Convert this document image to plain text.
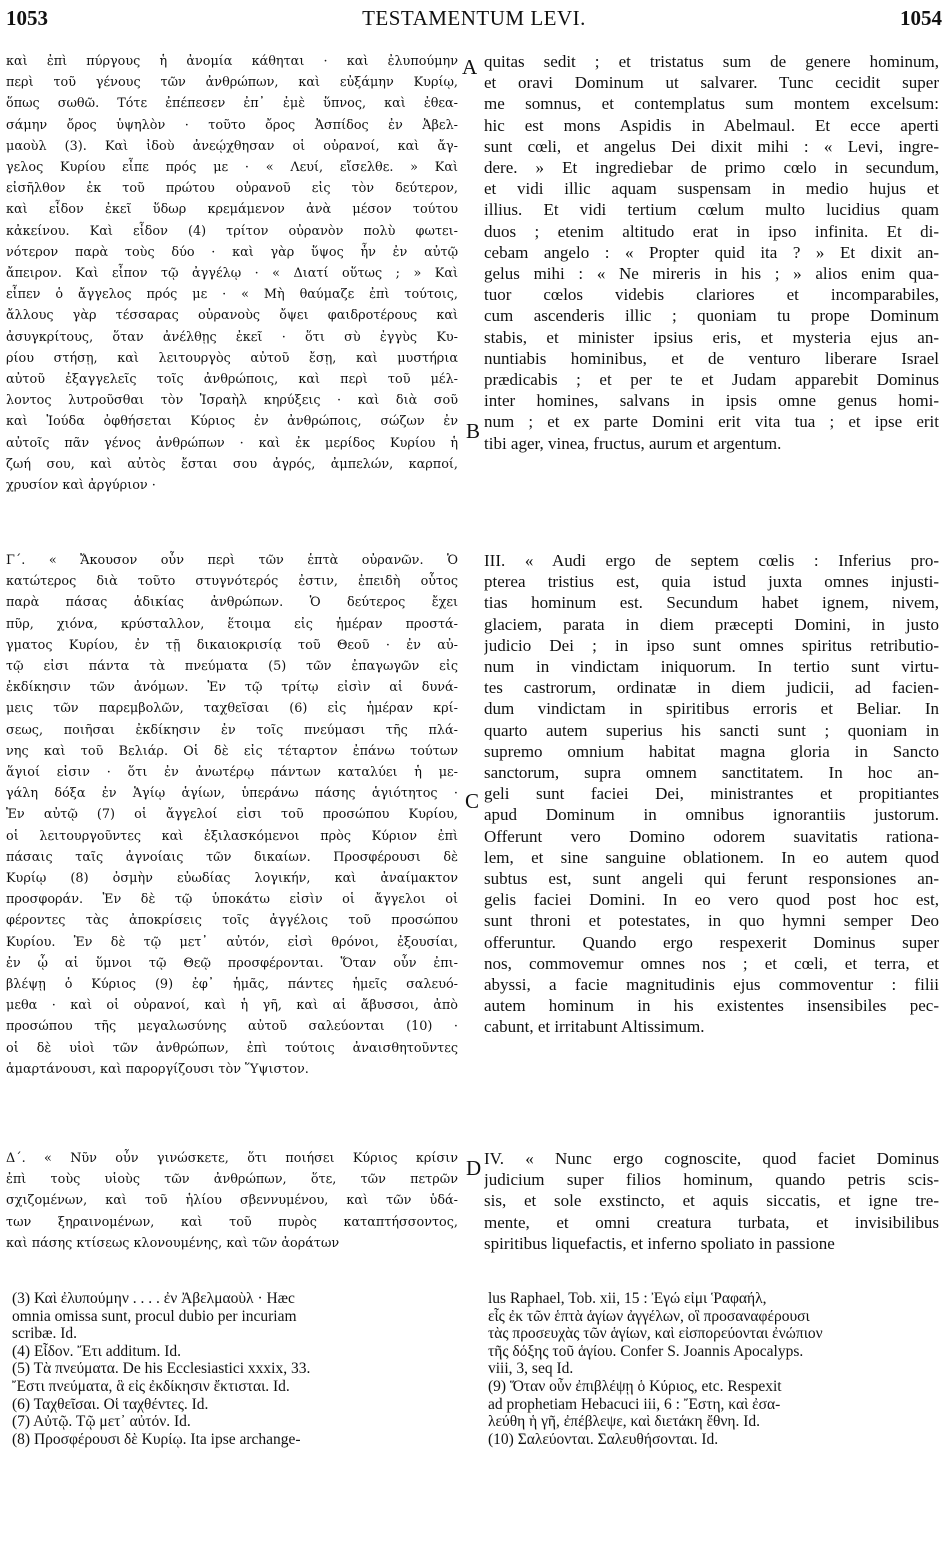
1053	TESTAMENTUM LEVI.	1054
καὶ ἐπὶ πύργους ἡ ἀνομία κάθηται · καὶ ἐλυπούμην
περὶ τοῦ γένους τῶν ἀνθρώπων, καὶ εὐξάμην Κυρίῳ,
ὅπως σωθῶ. Τότε ἐπέπεσεν ἐπ᾽ ἐμὲ ὕπνος, καὶ ἐθεα-
σάμην ὄρος ὑψηλὸν · τοῦτο ὄρος Ἀσπίδος ἐν Ἀβελ-
μαοὺλ (3). Καὶ ἰδοὺ ἀνεῴχθησαν οἱ οὐρανοί, καὶ ἄγ-
γελος Κυρίου εἶπε πρός με · « Λευί, εἴσελθε. » Καὶ
εἰσῆλθον ἐκ τοῦ πρώτου οὐρανοῦ εἰς τὸν δεύτερον,
καὶ εἶδον ἐκεῖ ὕδωρ κρεμάμενον ἀνὰ μέσον τούτου
κἀκείνου. Καὶ εἶδον (4) τρίτον οὐρανὸν πολὺ φωτει-
νότερον παρὰ τοὺς δύο · καὶ γὰρ ὕψος ἦν ἐν αὐτῷ
ἄπειρον. Καὶ εἶπον τῷ ἀγγέλῳ · « Διατί οὕτως ; » Καὶ
εἶπεν ὁ ἄγγελος πρός με · « Μὴ θαύμαζε ἐπὶ τούτοις,
ἄλλους γὰρ τέσσαρας οὐρανοὺς ὄψει φαιδροτέρους καὶ
ἀσυγκρίτους, ὅταν ἀνέλθῃς ἐκεῖ · ὅτι σὺ ἐγγὺς Κυ-
ρίου στήσῃ, καὶ λειτουργὸς αὐτοῦ ἔσῃ, καὶ μυστήρια
αὐτοῦ ἐξαγγελεῖς τοῖς ἀνθρώποις, καὶ περὶ τοῦ μέλ-
λοντος λυτροῦσθαι τὸν Ἰσραὴλ κηρύξεις · καὶ διὰ σοῦ
καὶ Ἰούδα ὀφθήσεται Κύριος ἐν ἀνθρώποις, σώζων ἐν
αὐτοῖς πᾶν γένος ἀνθρώπων · καὶ ἐκ μερίδος Κυρίου ἡ
ζωή σου, καὶ αὐτὸς ἔσται σου ἀγρός, ἀμπελών, καρποί,
χρυσίον καὶ ἀργύριον ·
quitas sedit ; et tristatus sum de genere hominum,
et oravi Dominum ut salvarer. Tunc cecidit super
me somnus, et contemplatus sum montem excelsum:
hic est mons Aspidis in Abelmaul. Et ecce aperti
sunt cœli, et angelus Dei dixit mihi : « Levi, ingre-
dere. » Et ingrediebar de primo cœlo in secundum,
et vidi illic aquam suspensam in medio hujus et
illius. Et vidi tertium cœlum multo lucidius quam
duos ; etenim altitudo erat in ipso infinita. Et di-
cebam angelo : « Propter quid ita ? » Et dixit an-
gelus mihi : « Ne mireris in his ; » alios enim qua-
tuor cœlos videbis clariores et incomparabiles,
cum ascenderis illic ; quoniam tu prope Dominum
stabis, et minister ipsius eris, et mysteria ejus an-
nuntiabis hominibus, et de venturo liberare Israel
prædicabis ; et per te et Judam apparebit Dominus
inter homines, salvans in ipsis omne genus homi-
num ; et ex parte Domini erit vita tua ; et ipse erit
tibi ager, vinea, fructus, aurum et argentum.
Γ΄. « Ἄκουσον οὖν περὶ τῶν ἑπτὰ οὐρανῶν. Ὁ
κατώτερος διὰ τοῦτο στυγνότερός ἐστιν, ἐπειδὴ οὗτος
παρὰ πάσας ἀδικίας ἀνθρώπων. Ὁ δεύτερος ἔχει
πῦρ, χιόνα, κρύσταλλον, ἕτοιμα εἰς ἡμέραν προστά-
γματος Κυρίου, ἐν τῇ δικαιοκρισίᾳ τοῦ Θεοῦ · ἐν αὐ-
τῷ εἰσι πάντα τὰ πνεύματα (5) τῶν ἐπαγωγῶν εἰς
ἐκδίκησιν τῶν ἀνόμων. Ἐν τῷ τρίτῳ εἰσὶν αἱ δυνά-
μεις τῶν παρεμβολῶν, ταχθεῖσαι (6) εἰς ἡμέραν κρί-
σεως, ποιῆσαι ἐκδίκησιν ἐν τοῖς πνεύμασι τῆς πλά-
νης καὶ τοῦ Βελιάρ. Οἱ δὲ εἰς τέταρτον ἐπάνω τούτων
ἅγιοί εἰσιν · ὅτι ἐν ἀνωτέρῳ πάντων καταλύει ἡ με-
γάλη δόξα ἐν Ἁγίῳ ἁγίων, ὑπεράνω πάσης ἁγιότητος ·
Ἐν αὐτῷ (7) οἱ ἄγγελοί εἰσι τοῦ προσώπου Κυρίου,
οἱ λειτουργοῦντες καὶ ἐξιλασκόμενοι πρὸς Κύριον ἐπὶ
πάσαις ταῖς ἀγνοίαις τῶν δικαίων. Προσφέρουσι δὲ
Κυρίῳ (8) ὀσμὴν εὐωδίας λογικήν, καὶ ἀναίμακτον
προσφοράν. Ἐν δὲ τῷ ὑποκάτω εἰσὶν οἱ ἄγγελοι οἱ
φέροντες τὰς ἀποκρίσεις τοῖς ἀγγέλοις τοῦ προσώπου
Κυρίου. Ἐν δὲ τῷ μετ᾽ αὐτόν, εἰσὶ θρόνοι, ἐξουσίαι,
ἐν ᾧ αἱ ὕμνοι τῷ Θεῷ προσφέρονται. Ὅταν οὖν ἐπι-
βλέψῃ ὁ Κύριος (9) ἐφ᾽ ἡμᾶς, πάντες ἡμεῖς σαλευό-
μεθα · καὶ οἱ οὐρανοί, καὶ ἡ γῆ, καὶ αἱ ἄβυσσοι, ἀπὸ
προσώπου τῆς μεγαλωσύνης αὐτοῦ σαλεύονται (10) ·
οἱ δὲ υἱοὶ τῶν ἀνθρώπων, ἐπὶ τούτοις ἀναισθητοῦντες
ἁμαρτάνουσι, καὶ παροργίζουσι τὸν Ὕψιστον.
III. « Audi ergo de septem cœlis : Inferius pro-
pterea tristius est, quia istud juxta omnes injusti-
tias hominum est. Secundum habet ignem, nivem,
glaciem, parata in diem præcepti Domini, in justo
judicio Dei ; in ipso sunt omnes spiritus retributio-
num in vindictam iniquorum. In tertio sunt virtu-
tes castrorum, ordinatæ in diem judicii, ad facien-
dum vindictam in spiritibus erroris et Beliar. In
quarto autem superius his sancti sunt ; quoniam in
supremo omnium habitat magna gloria in Sancto
sanctorum, supra omnem sanctitatem. In hoc an-
geli sunt faciei Dei, ministrantes et propitiantes
apud Dominum in omnibus ignorantiis justorum.
Offerunt vero Domino odorem suavitatis rationa-
lem, et sine sanguine oblationem. In eo autem quod
subtus est, sunt angeli qui ferunt responsiones an-
gelis faciei Domini. In eo vero quod post hoc est,
sunt throni et potestates, in quo hymni semper Deo
offeruntur. Quando ergo respexerit Dominus super
nos, commovemur omnes nos ; et cœli, et terra, et
abyssi, a facie magnitudinis ejus commoventur : filii
autem hominum in his existentes insensibiles pec-
cabunt, et irritabunt Altissimum.
Δ΄. « Νῦν οὖν γινώσκετε, ὅτι ποιήσει Κύριος κρίσιν
ἐπὶ τοὺς υἱοὺς τῶν ἀνθρώπων, ὅτε, τῶν πετρῶν
σχιζομένων, καὶ τοῦ ἡλίου σβεννυμένου, καὶ τῶν ὑδά-
των ξηραινομένων, καὶ τοῦ πυρὸς καταπτήσσοντος,
καὶ πάσης κτίσεως κλονουμένης, καὶ τῶν ἀοράτων
IV. « Nunc ergo cognoscite, quod faciet Dominus
judicium super filios hominum, quando petris scis-
sis, et sole exstincto, et aquis siccatis, et igne tre-
mente, et omni creatura turbata, et invisibilibus
spiritibus liquefactis, et inferno spoliato in passione
A
B
C
D
(3) Καὶ ἐλυπούμην . . . . ἐν Ἀβελμαοὺλ · Hæc
omnia omissa sunt, procul dubio per incuriam
scribæ. Id.
(4) Εἶδον. Ἔτι additum. Id.
(5) Τὰ πνεύματα. De his Ecclesiastici xxxix, 33.
Ἔστι πνεύματα, ἃ εἰς ἐκδίκησιν ἔκτισται. Id.
(6) Ταχθεῖσαι. Οἱ ταχθέντες. Id.
(7) Αὐτῷ. Τῷ μετ᾽ αὐτόν. Id.
(8) Προσφέρουσι δὲ Κυρίῳ. Ita ipse archange-
lus Raphael, Tob. xii, 15 : Ἐγώ εἰμι Ῥαφαήλ,
εἷς ἐκ τῶν ἑπτὰ ἁγίων ἀγγέλων, οἳ προσαναφέρουσι
τὰς προσευχὰς τῶν ἁγίων, καὶ εἰσπορεύονται ἐνώπιον
τῆς δόξης τοῦ ἁγίου. Confer S. Joannis Apocalyps.
viii, 3, seq Id.
(9) Ὅταν οὖν ἐπιβλέψῃ ὁ Κύριος, etc. Respexit
ad prophetiam Hebacuci iii, 6 : Ἔστη, καὶ ἐσα-
λεύθη ἡ γῆ, ἐπέβλεψε, καὶ διετάκη ἔθνη. Id.
(10) Σαλεύονται. Σαλευθήσονται. Id.
